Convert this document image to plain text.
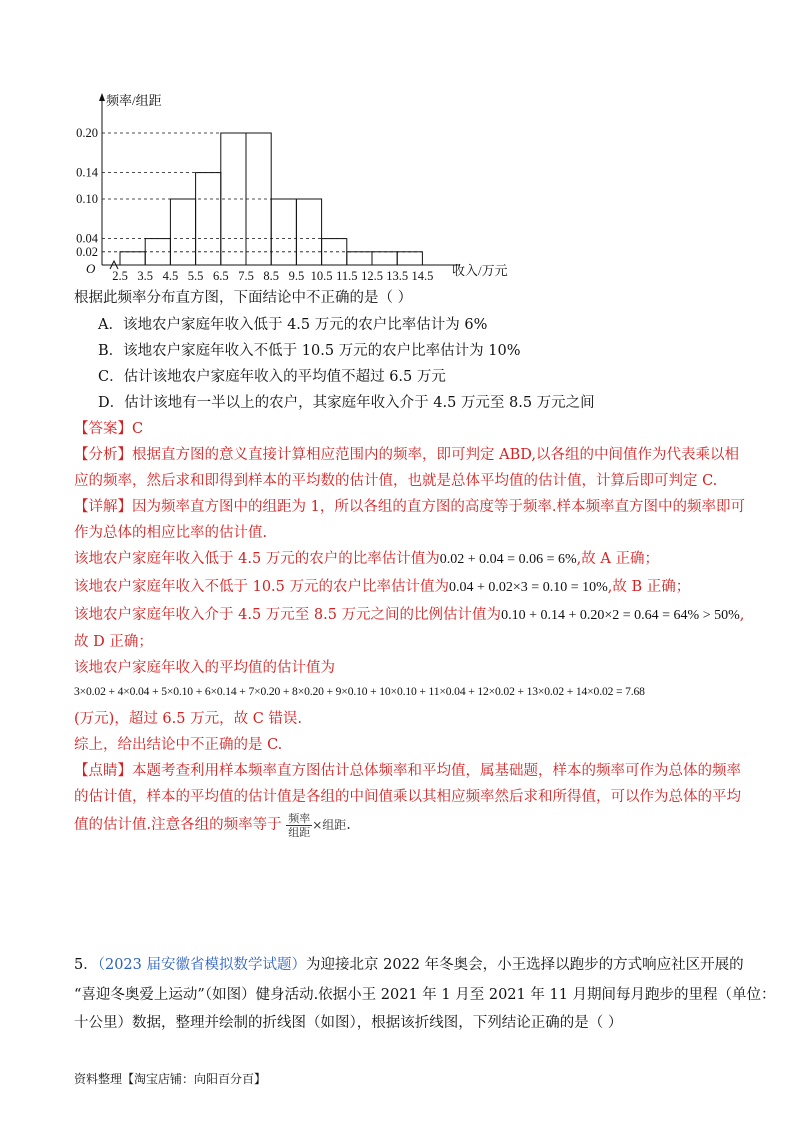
频率/组距
O
0.02
0.04
0.10
0.14
0.20
2.5 3.5 4.5 5.5 6.5 7.5 8.5 9.5 10.5 11.5 12.5 13.5 14.5 收入/万元
根据此频率分布直方图，下面结论中不正确的是（ ）
A．该地农户家庭年收入低于 4.5 万元的农户比率估计为 6%
B．该地农户家庭年收入不低于 10.5 万元的农户比率估计为 10%
C．估计该地农户家庭年收入的平均值不超过 6.5 万元
D．估计该地有一半以上的农户，其家庭年收入介于 4.5 万元至 8.5 万元之间
【答案】C
【分析】根据直方图的意义直接计算相应范围内的频率，即可判定 ABD,以各组的中间值作为代表乘以相
应的频率，然后求和即得到样本的平均数的估计值，也就是总体平均值的估计值，计算后即可判定 C.
【详解】因为频率直方图中的组距为 1，所以各组的直方图的高度等于频率.样本频率直方图中的频率即可
作为总体的相应比率的估计值.
该地农户家庭年收入低于 4.5 万元的农户的比率估计值为0.02 + 0.04 = 0.06 = 6%,故 A 正确；
该地农户家庭年收入不低于 10.5 万元的农户比率估计值为0.04 + 0.02×3 = 0.10 = 10%,故 B 正确；
该地农户家庭年收入介于 4.5 万元至 8.5 万元之间的比例估计值为0.10 + 0.14 + 0.20×2 = 0.64 = 64% > 50%,
故 D 正确；
该地农户家庭年收入的平均值的估计值为
3×0.02 + 4×0.04 + 5×0.10 + 6×0.14 + 7×0.20 + 8×0.20 + 9×0.10 + 10×0.10 + 11×0.04 + 12×0.02 + 13×0.02 + 14×0.02 = 7.68
(万元)，超过 6.5 万元，故 C 错误.
综上，给出结论中不正确的是 C.
【点睛】本题考查利用样本频率直方图估计总体频率和平均值，属基础题，样本的频率可作为总体的频率
的估计值，样本的平均值的估计值是各组的中间值乘以其相应频率然后求和所得值，可以作为总体的平均
值的估计值.注意各组的频率等于 $\frac{\text{频率}}{\text{组距}}$ ×组距.
5．（2023 届安徽省模拟数学试题）为迎接北京 2022 年冬奥会，小王选择以跑步的方式响应社区开展的
“喜迎冬奥爱上运动”（如图）健身活动.依据小王 2021 年 1 月至 2021 年 11 月期间每月跑步的里程（单位：
十公里）数据，整理并绘制的折线图（如图），根据该折线图，下列结论正确的是（ ）
资料整理【淘宝店铺：向阳百分百】
